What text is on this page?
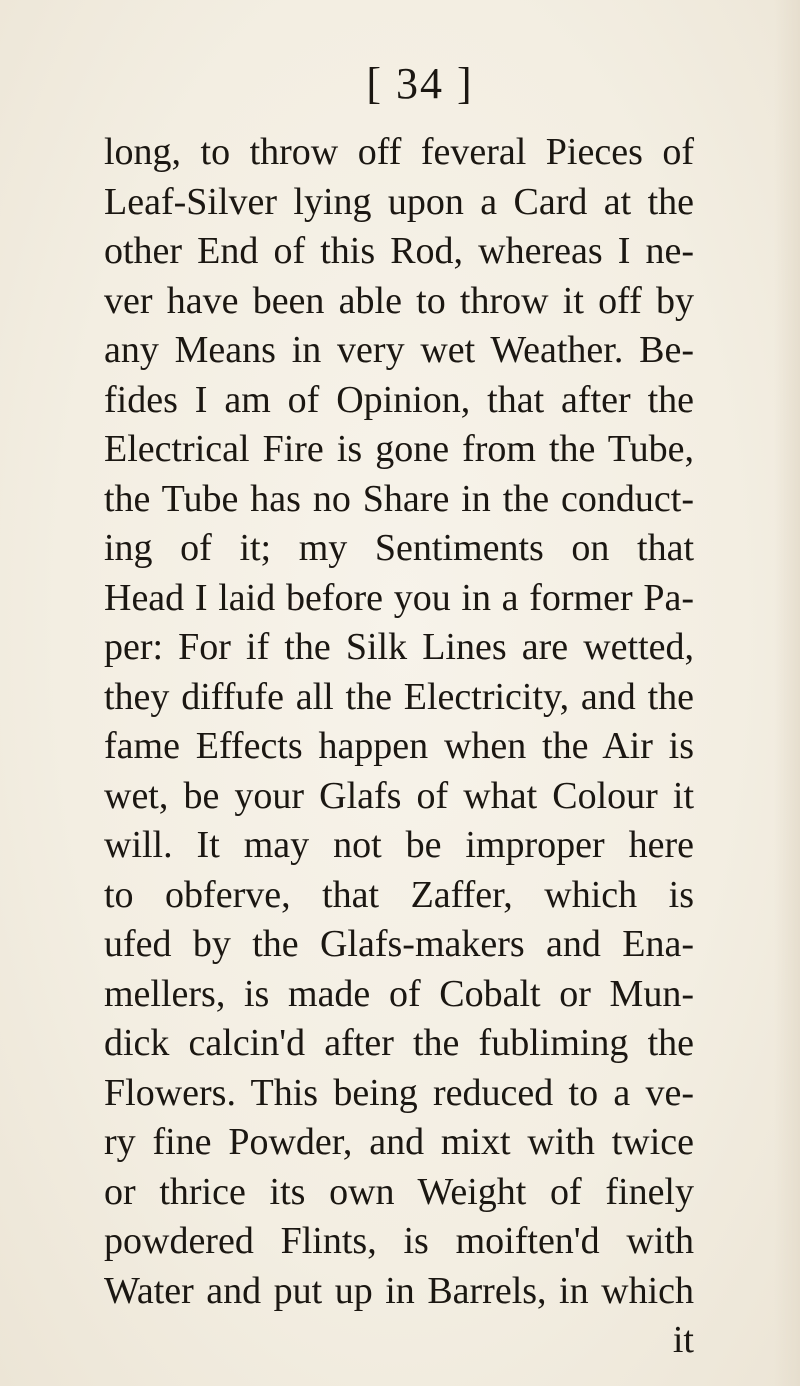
[ 34 ]
long, to throw off feveral Pieces of
Leaf-Silver lying upon a Card at the
other End of this Rod, whereas I ne-
ver have been able to throw it off by
any Means in very wet Weather. Be-
fides I am of Opinion, that after the
Electrical Fire is gone from the Tube,
the Tube has no Share in the conduct-
ing of it; my Sentiments on that
Head I laid before you in a former Pa-
per: For if the Silk Lines are wetted,
they diffufe all the Electricity, and the
fame Effects happen when the Air is
wet, be your Glafs of what Colour it
will. It may not be improper here
to obferve, that Zaffer, which is
ufed by the Glafs-makers and Ena-
mellers, is made of Cobalt or Mun-
dick calcin'd after the fubliming the
Flowers. This being reduced to a ve-
ry fine Powder, and mixt with twice
or thrice its own Weight of finely
powdered Flints, is moiften'd with
Water and put up in Barrels, in which
it
